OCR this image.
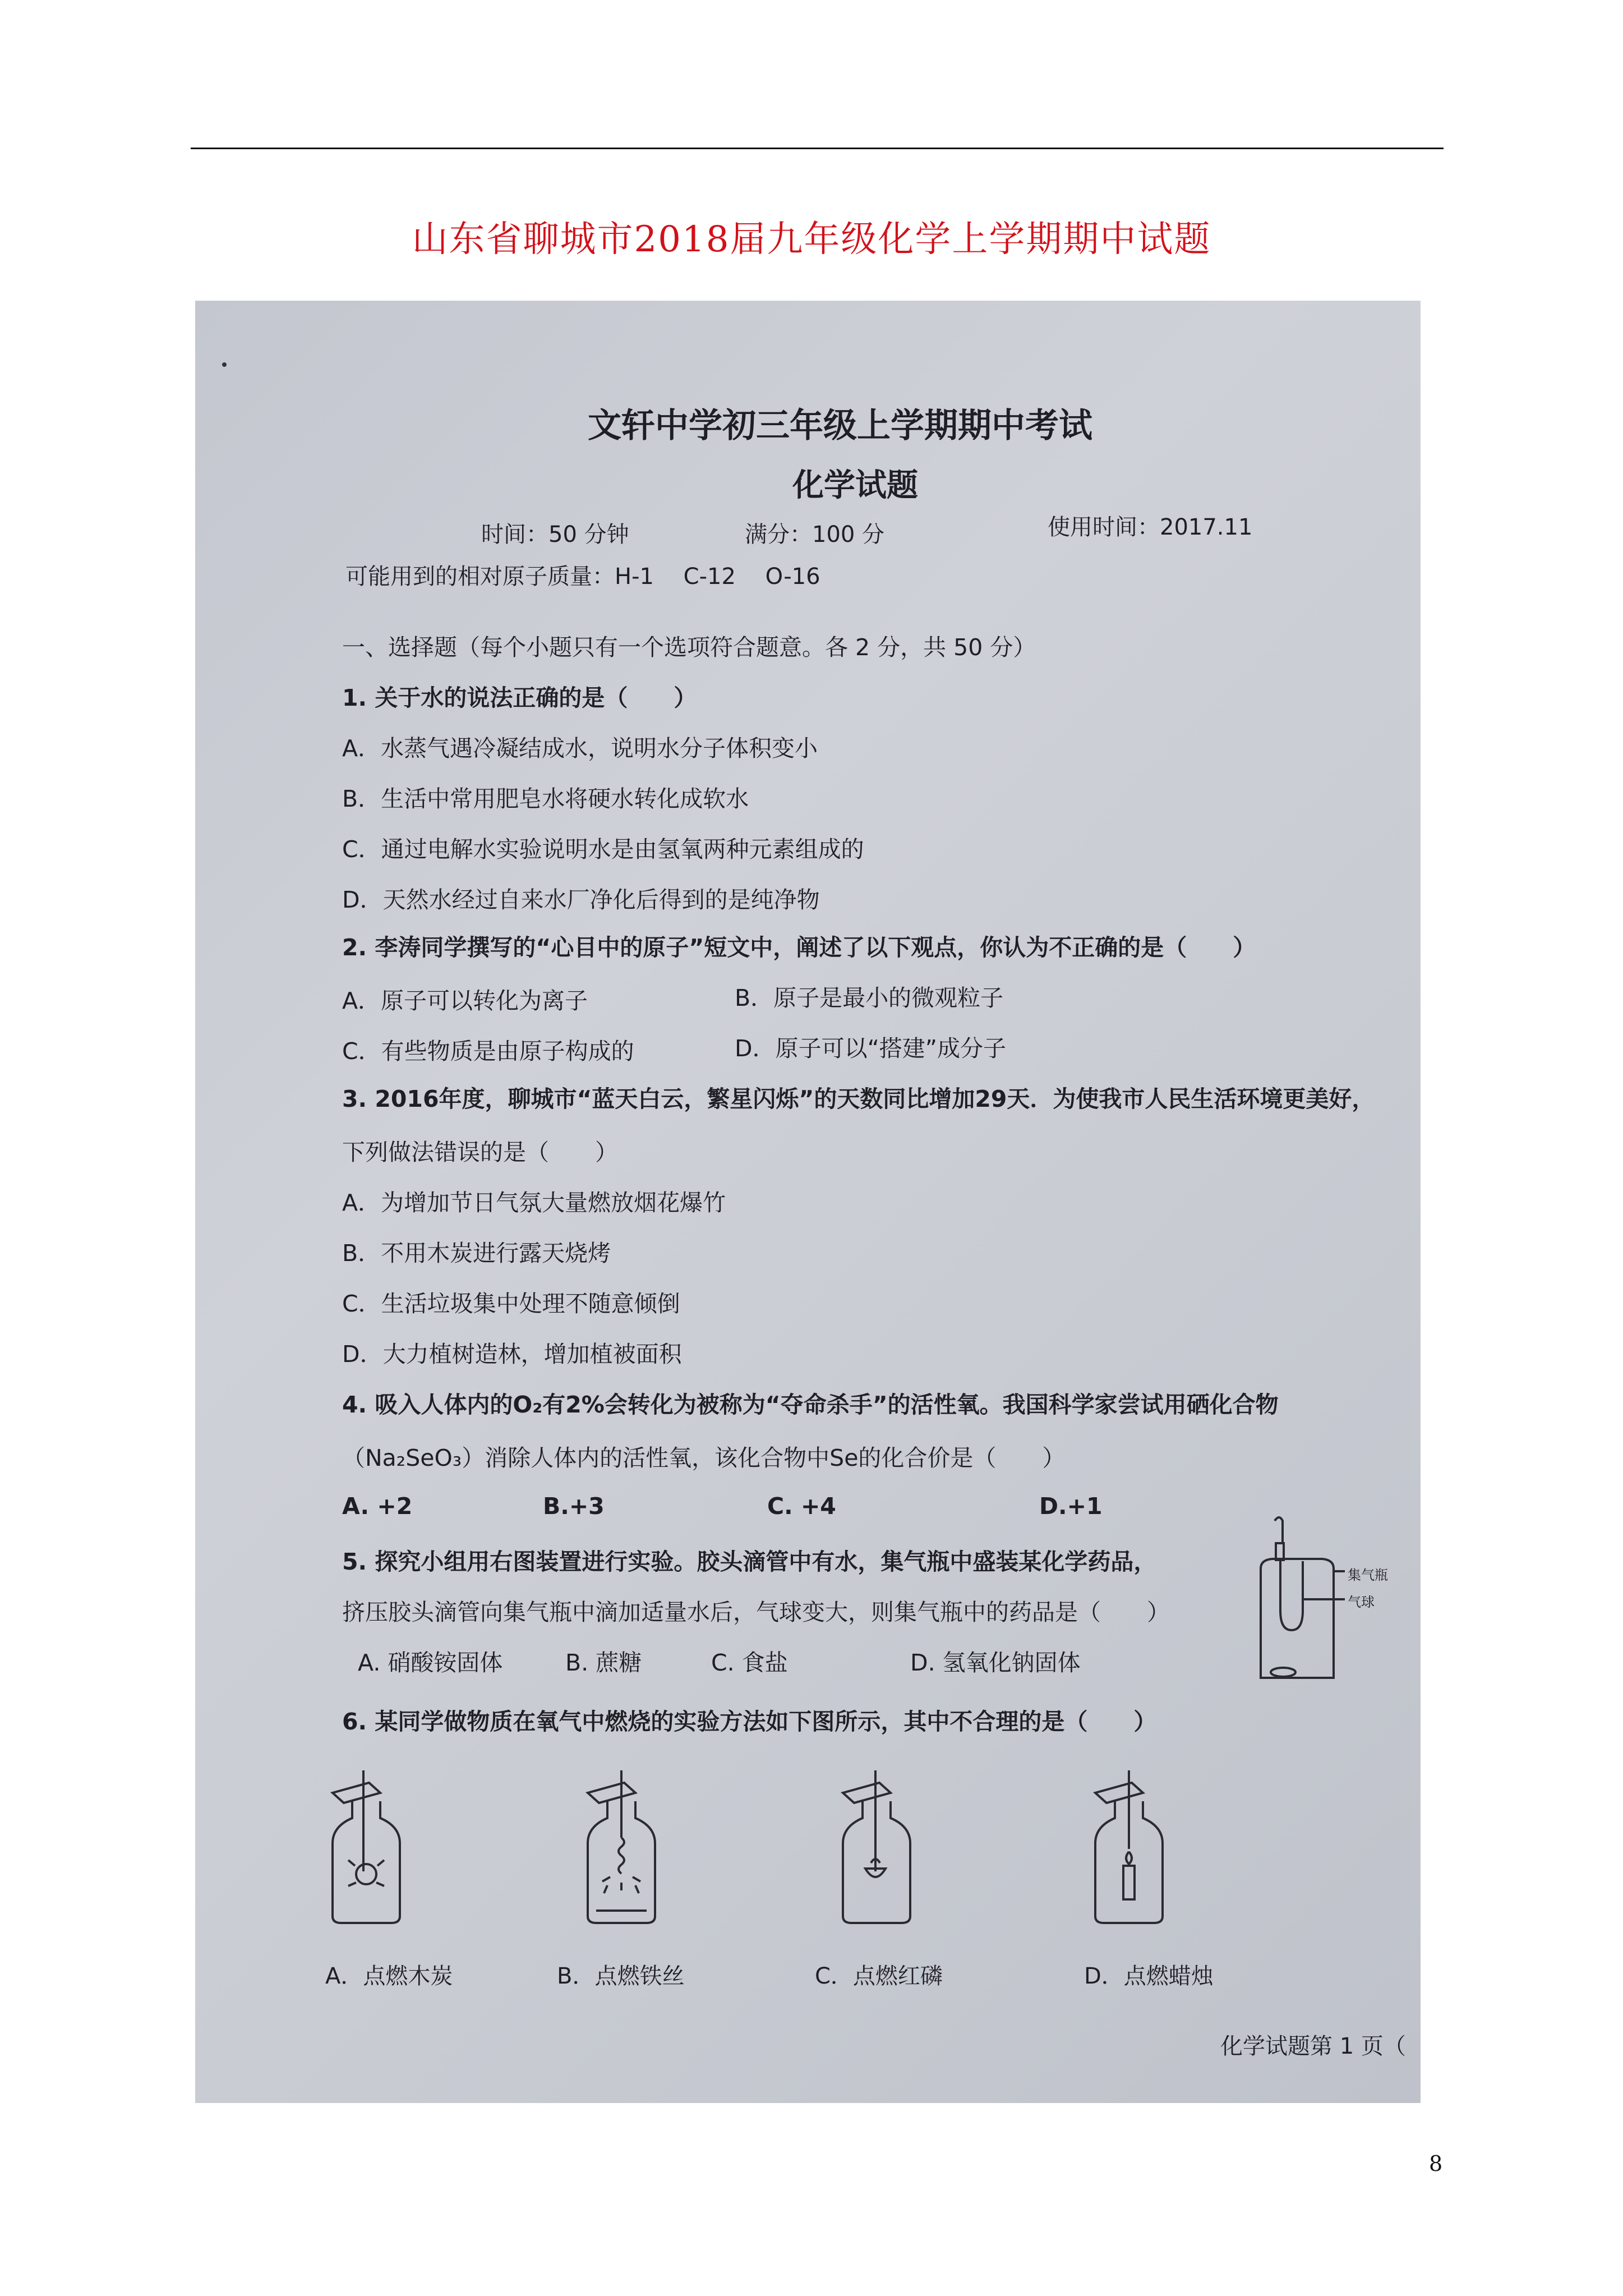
山东省聊城市2018届九年级化学上学期期中试题
文轩中学初三年级上学期期中考试
化学试题
时间：50 分钟	满分：100 分	使用时间：2017.11
可能用到的相对原子质量：H-1　 C-12　 O-16
一、选择题（每个小题只有一个选项符合题意。各 2 分，共 50 分）
1. 关于水的说法正确的是（　　）
A．水蒸气遇冷凝结成水，说明水分子体积变小
B．生活中常用肥皂水将硬水转化成软水
C．通过电解水实验说明水是由氢氧两种元素组成的
D．天然水经过自来水厂净化后得到的是纯净物
2. 李涛同学撰写的“心目中的原子”短文中，阐述了以下观点，你认为不正确的是（　　）
A．原子可以转化为离子	B．原子是最小的微观粒子
C．有些物质是由原子构成的	D．原子可以“搭建”成分子
3. 2016年度，聊城市“蓝天白云，繁星闪烁”的天数同比增加29天．为使我市人民生活环境更美好，
下列做法错误的是（　　）
A．为增加节日气氛大量燃放烟花爆竹
B．不用木炭进行露天烧烤
C．生活垃圾集中处理不随意倾倒
D．大力植树造林，增加植被面积
4. 吸入人体内的O₂有2%会转化为被称为“夺命杀手”的活性氧。我国科学家尝试用硒化合物
（Na₂SeO₃）消除人体内的活性氧，该化合物中Se的化合价是（　　）
A. +2	B.+3	C. +4	D.+1
5. 探究小组用右图装置进行实验。胶头滴管中有水，集气瓶中盛装某化学药品，
挤压胶头滴管向集气瓶中滴加适量水后，气球变大，则集气瓶中的药品是（　　）
A. 硝酸铵固体	B. 蔗糖	C. 食盐	D. 氢氧化钠固体
集气瓶
气球
6. 某同学做物质在氧气中燃烧的实验方法如下图所示，其中不合理的是（　　）
A．点燃木炭	B．点燃铁丝	C．点燃红磷	D．点燃蜡烛
化学试题第 1 页（
8
